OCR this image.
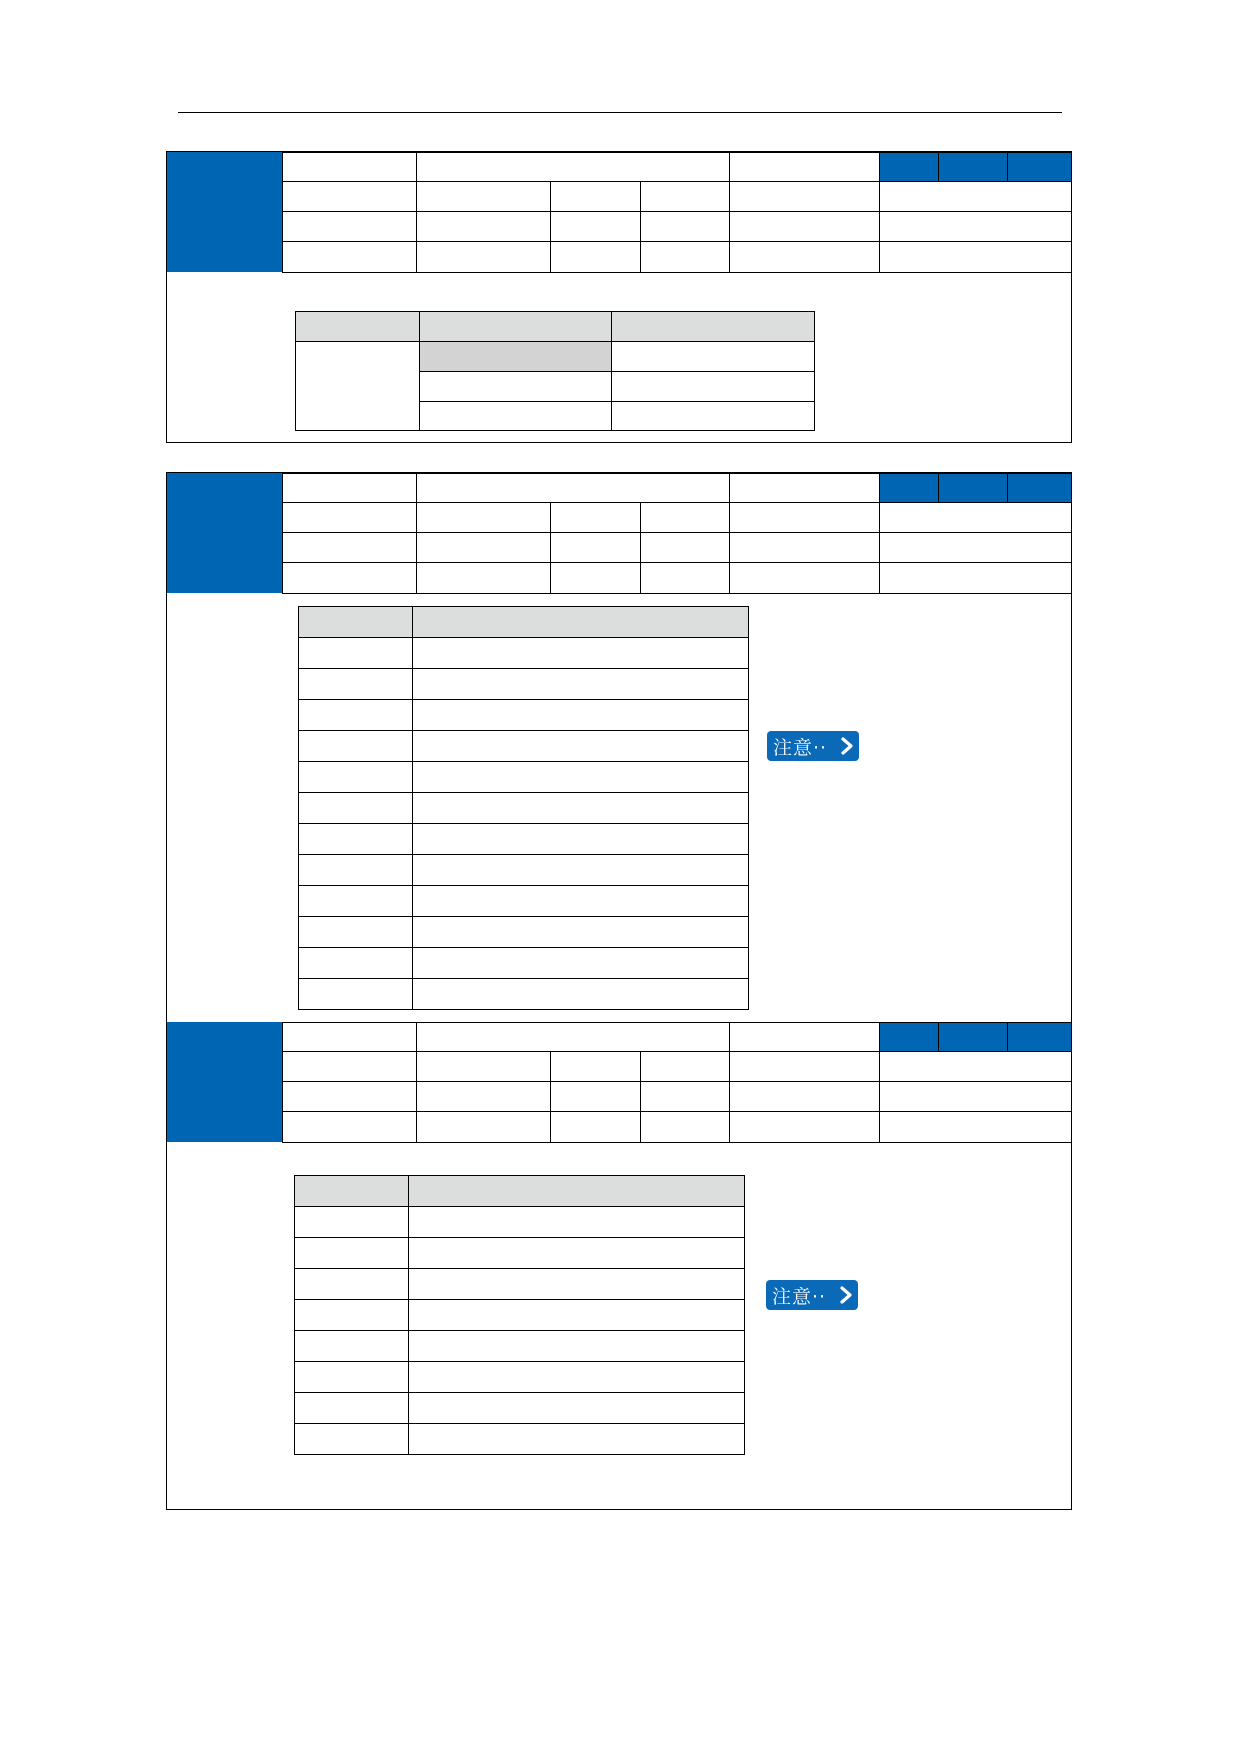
注意··

注意··
